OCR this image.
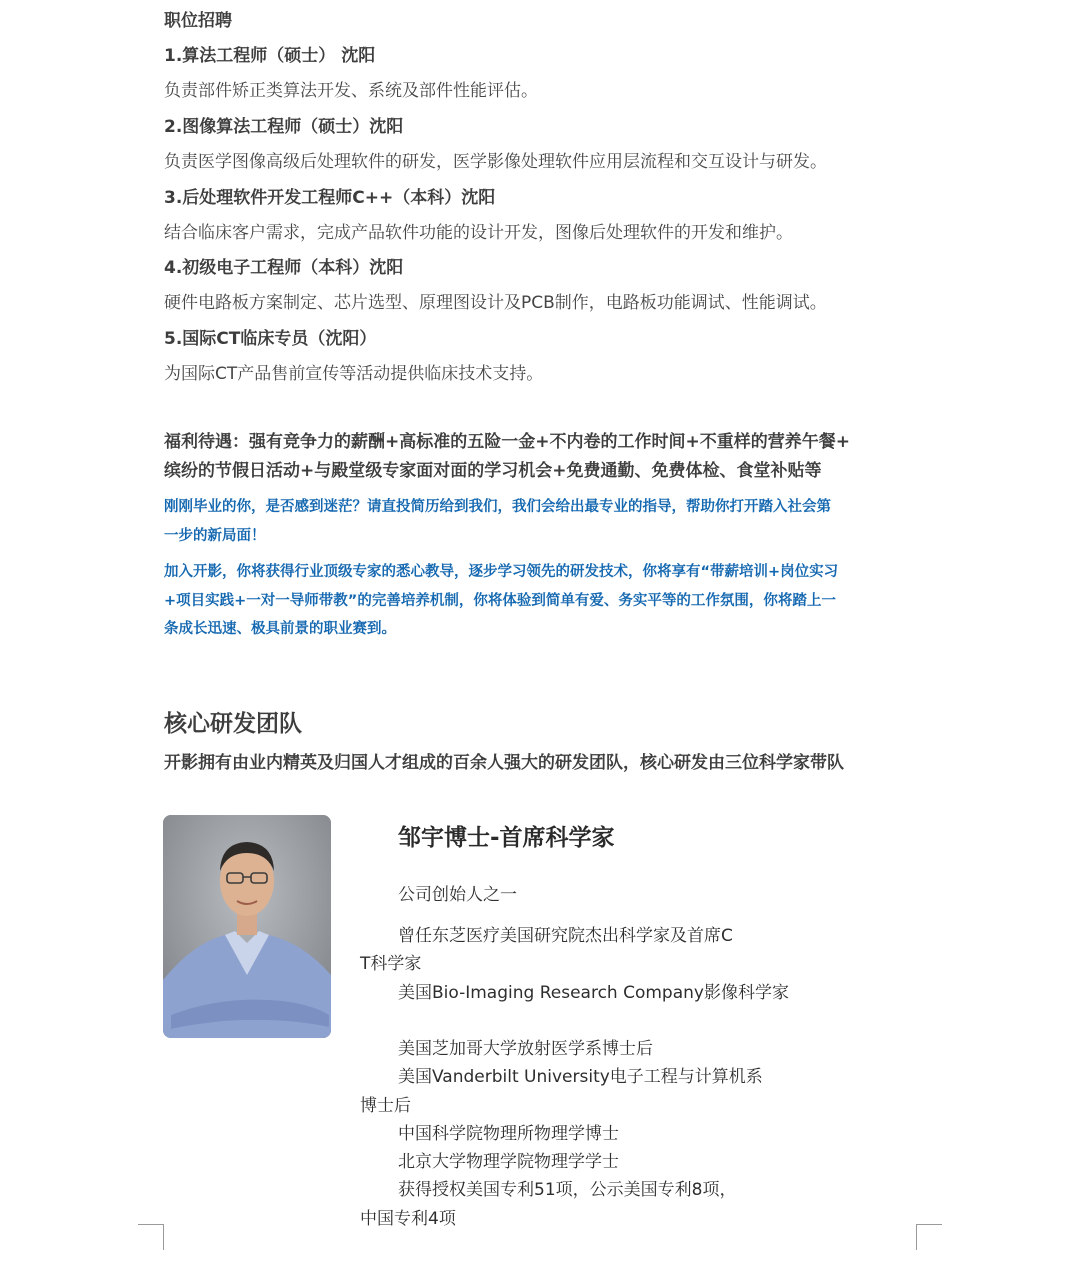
职位招聘
1.算法工程师（硕士） 沈阳
负责部件矫正类算法开发、系统及部件性能评估。
2.图像算法工程师（硕士）沈阳
负责医学图像高级后处理软件的研发，医学影像处理软件应用层流程和交互设计与研发。
3.后处理软件开发工程师C++（本科）沈阳
结合临床客户需求，完成产品软件功能的设计开发，图像后处理软件的开发和维护。
4.初级电子工程师（本科）沈阳
硬件电路板方案制定、芯片选型、原理图设计及PCB制作，电路板功能调试、性能调试。
5.国际CT临床专员（沈阳）
为国际CT产品售前宣传等活动提供临床技术支持。
福利待遇：强有竞争力的薪酬+高标准的五险一金+不内卷的工作时间+不重样的营养午餐+
缤纷的节假日活动+与殿堂级专家面对面的学习机会+免费通勤、免费体检、食堂补贴等
刚刚毕业的你，是否感到迷茫？请直投简历给到我们，我们会给出最专业的指导，帮助你打开踏入社会第
一步的新局面！
加入开影，你将获得行业顶级专家的悉心教导，逐步学习领先的研发技术，你将享有“带薪培训+岗位实习
+项目实践+一对一导师带教”的完善培养机制，你将体验到简单有爱、务实平等的工作氛围，你将踏上一
条成长迅速、极具前景的职业赛到。
核心研发团队
开影拥有由业内精英及归国人才组成的百余人强大的研发团队，核心研发由三位科学家带队
邹宇博士-首席科学家
公司创始人之一
曾任东芝医疗美国研究院杰出科学家及首席C
T科学家
美国Bio-Imaging Research Company影像科学家
美国芝加哥大学放射医学系博士后
美国Vanderbilt University电子工程与计算机系
博士后
中国科学院物理所物理学博士
北京大学物理学院物理学学士
获得授权美国专利51项，公示美国专利8项，
中国专利4项
